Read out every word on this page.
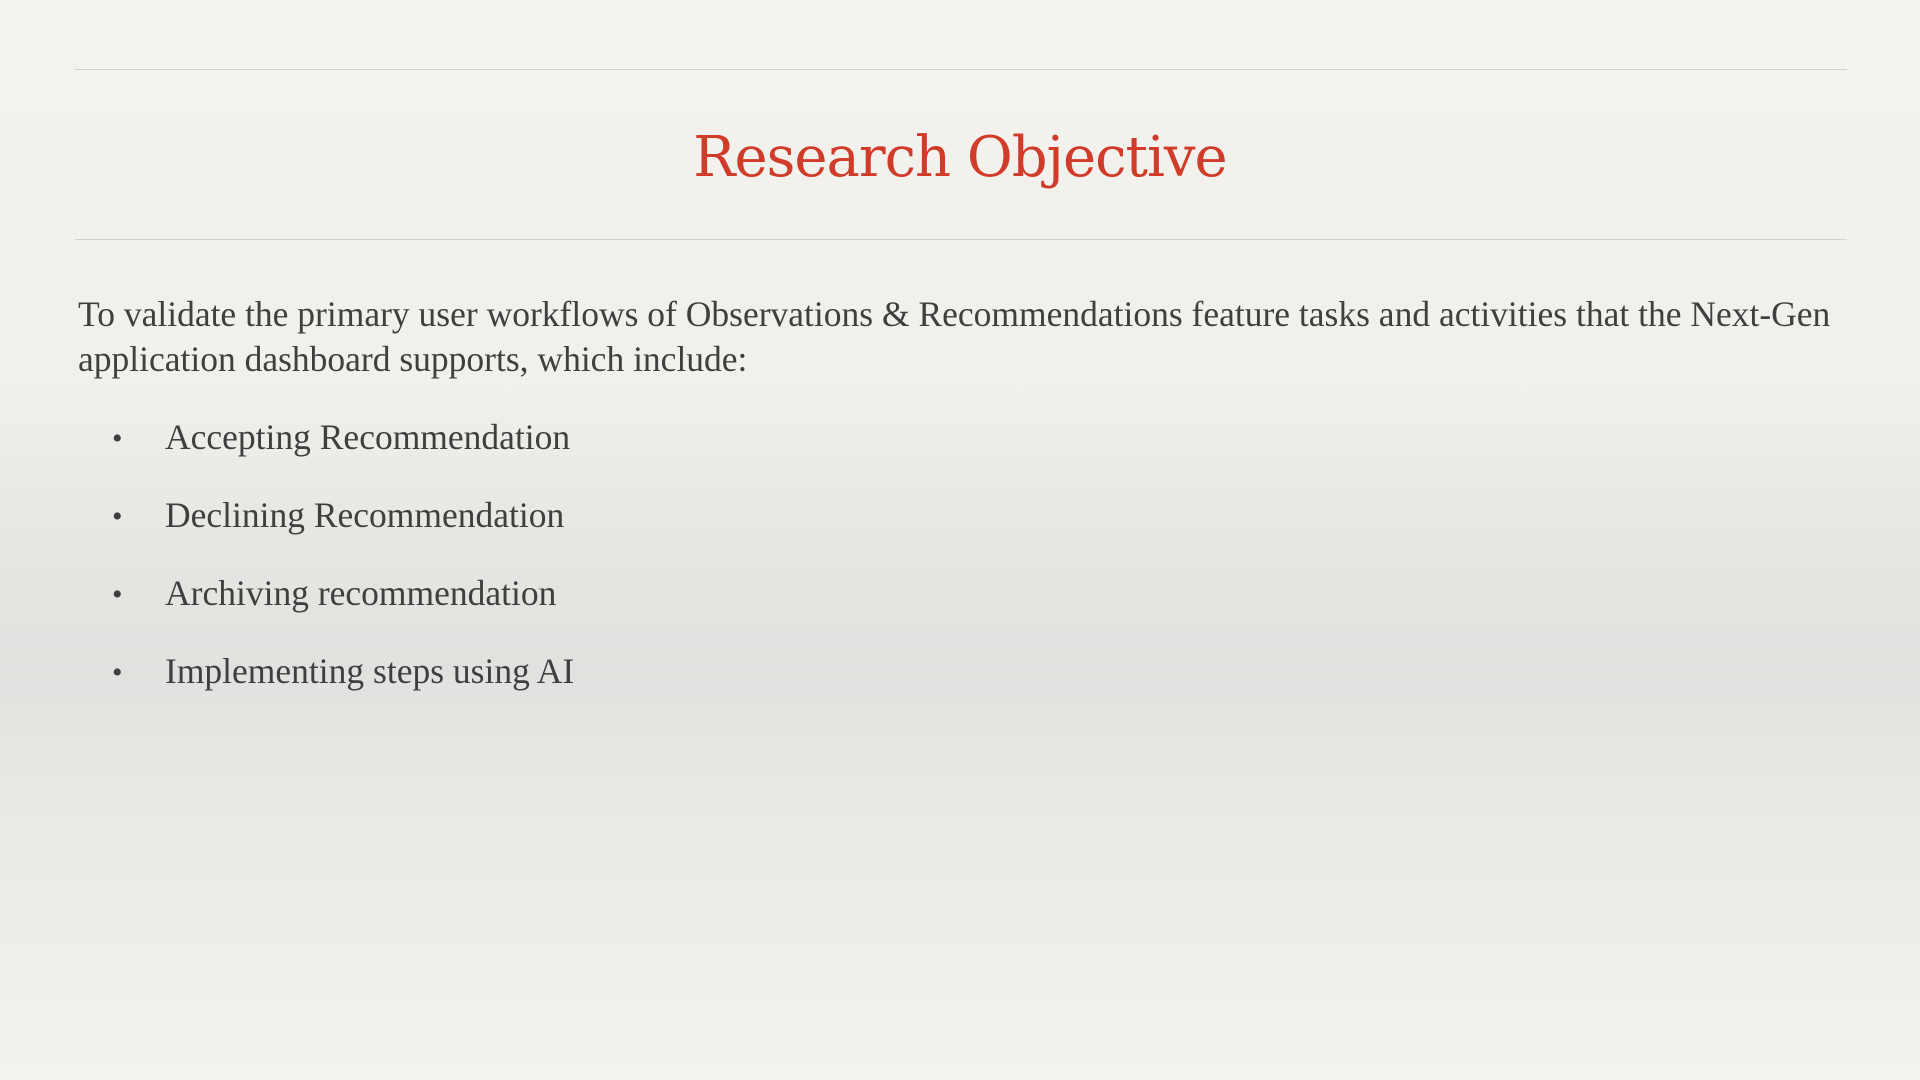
Research Objective
To validate the primary user workflows of Observations & Recommendations feature tasks and activities that the Next-Gen application dashboard supports, which include:
• Accepting Recommendation
• Declining Recommendation
• Archiving recommendation
• Implementing steps using AI
